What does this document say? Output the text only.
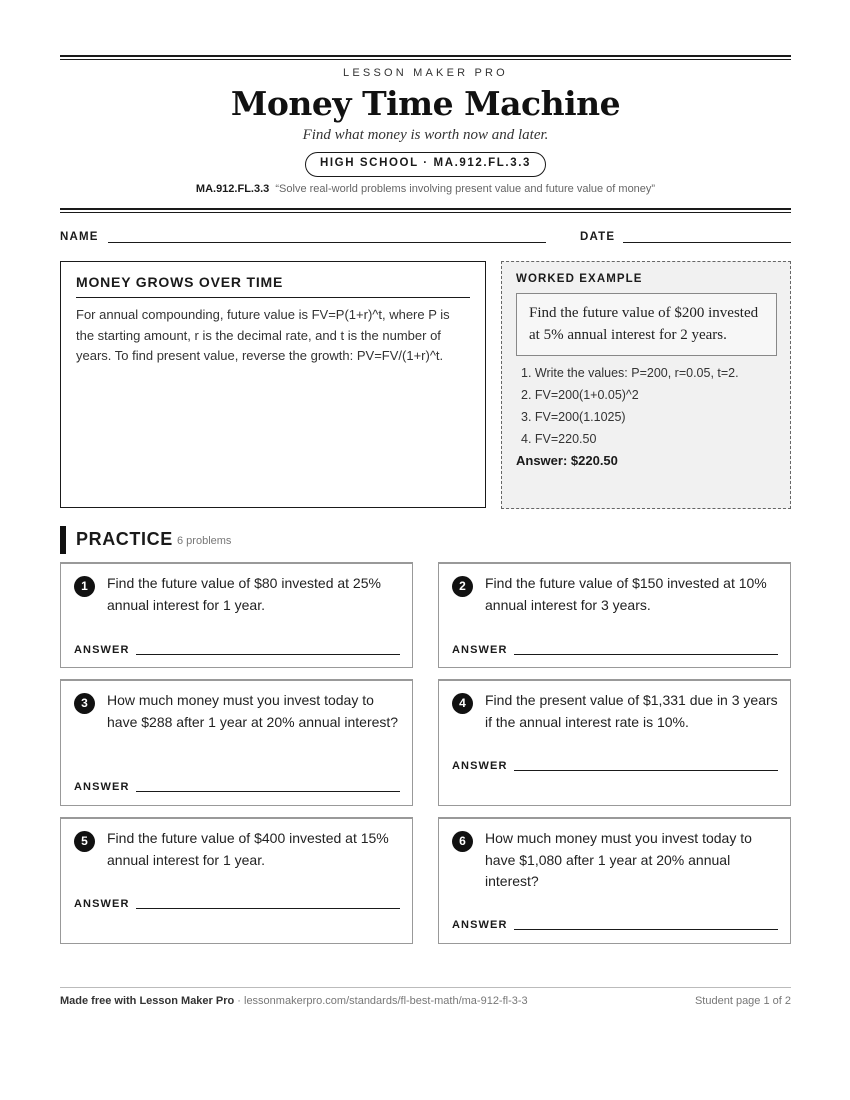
LESSON MAKER PRO
Money Time Machine
Find what money is worth now and later.
HIGH SCHOOL · MA.912.FL.3.3
MA.912.FL.3.3 “Solve real-world problems involving present value and future value of money”
NAME	DATE
MONEY GROWS OVER TIME
For annual compounding, future value is FV=P(1+r)^t, where P is the starting amount, r is the decimal rate, and t is the number of years. To find present value, reverse the growth: PV=FV/(1+r)^t.
WORKED EXAMPLE
Find the future value of $200 invested at 5% annual interest for 2 years.
1. Write the values: P=200, r=0.05, t=2.
2. FV=200(1+0.05)^2
3. FV=200(1.1025)
4. FV=220.50
Answer: $220.50
PRACTICE 6 problems
1	Find the future value of $80 invested at 25% annual interest for 1 year.
ANSWER
2	Find the future value of $150 invested at 10% annual interest for 3 years.
ANSWER
3	How much money must you invest today to have $288 after 1 year at 20% annual interest?
ANSWER
4	Find the present value of $1,331 due in 3 years if the annual interest rate is 10%.
ANSWER
5	Find the future value of $400 invested at 15% annual interest for 1 year.
ANSWER
6	How much money must you invest today to have $1,080 after 1 year at 20% annual interest?
ANSWER
Made free with Lesson Maker Pro · lessonmakerpro.com/standards/fl-best-math/ma-912-fl-3-3	Student page 1 of 2
